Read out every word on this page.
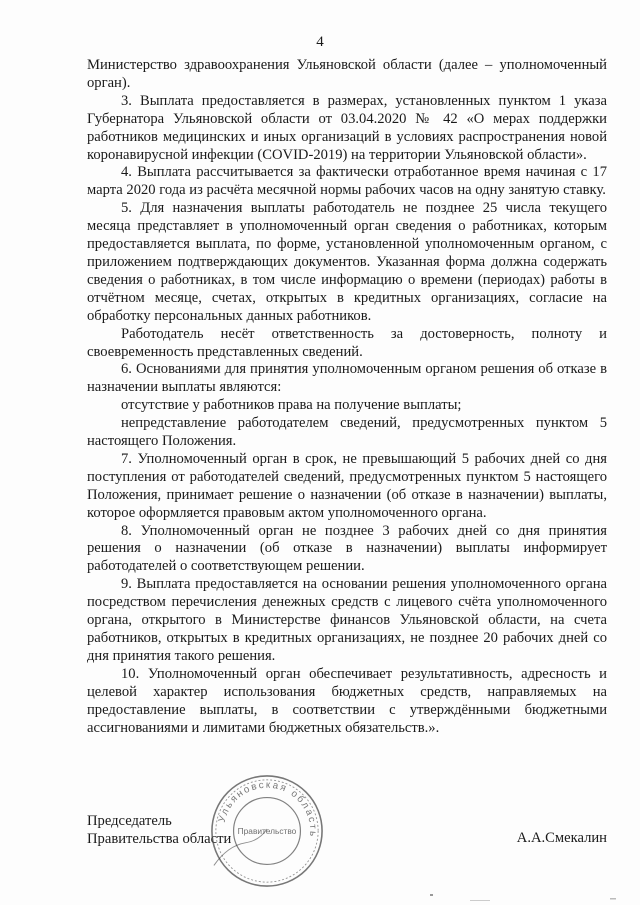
4

Министерство здравоохранения Ульяновской области (далее – уполномоченный орган).

3. Выплата предоставляется в размерах, установленных пунктом 1 указа Губернатора Ульяновской области от 03.04.2020 № 42 «О мерах поддержки работников медицинских и иных организаций в условиях распространения новой коронавирусной инфекции (COVID-2019) на территории Ульяновской области».

4. Выплата рассчитывается за фактически отработанное время начиная с 17 марта 2020 года из расчёта месячной нормы рабочих часов на одну занятую ставку.

5. Для назначения выплаты работодатель не позднее 25 числа текущего месяца представляет в уполномоченный орган сведения о работниках, которым предоставляется выплата, по форме, установленной уполномоченным органом, с приложением подтверждающих документов. Указанная форма должна содержать сведения о работниках, в том числе информацию о времени (периодах) работы в отчётном месяце, счетах, открытых в кредитных организациях, согласие на обработку персональных данных работников.

Работодатель несёт ответственность за достоверность, полноту и своевременность представленных сведений.

6. Основаниями для принятия уполномоченным органом решения об отказе в назначении выплаты являются:

отсутствие у работников права на получение выплаты;

непредставление работодателем сведений, предусмотренных пунктом 5 настоящего Положения.

7. Уполномоченный орган в срок, не превышающий 5 рабочих дней со дня поступления от работодателей сведений, предусмотренных пунктом 5 настоящего Положения, принимает решение о назначении (об отказе в назначении) выплаты, которое оформляется правовым актом уполномоченного органа.

8. Уполномоченный орган не позднее 3 рабочих дней со дня принятия решения о назначении (об отказе в назначении) выплаты информирует работодателей о соответствующем решении.

9. Выплата предоставляется на основании решения уполномоченного органа посредством перечисления денежных средств с лицевого счёта уполномоченного органа, открытого в Министерстве финансов Ульяновской области, на счета работников, открытых в кредитных организациях, не позднее 20 рабочих дней со дня принятия такого решения.

10. Уполномоченный орган обеспечивает результативность, адресность и целевой характер использования бюджетных средств, направляемых на предоставление выплаты, в соответствии с утверждёнными бюджетными ассигнованиями и лимитами бюджетных обязательств.».

Председатель
Правительства области	А.А.Смекалин
Ульяновская область
Правительство
